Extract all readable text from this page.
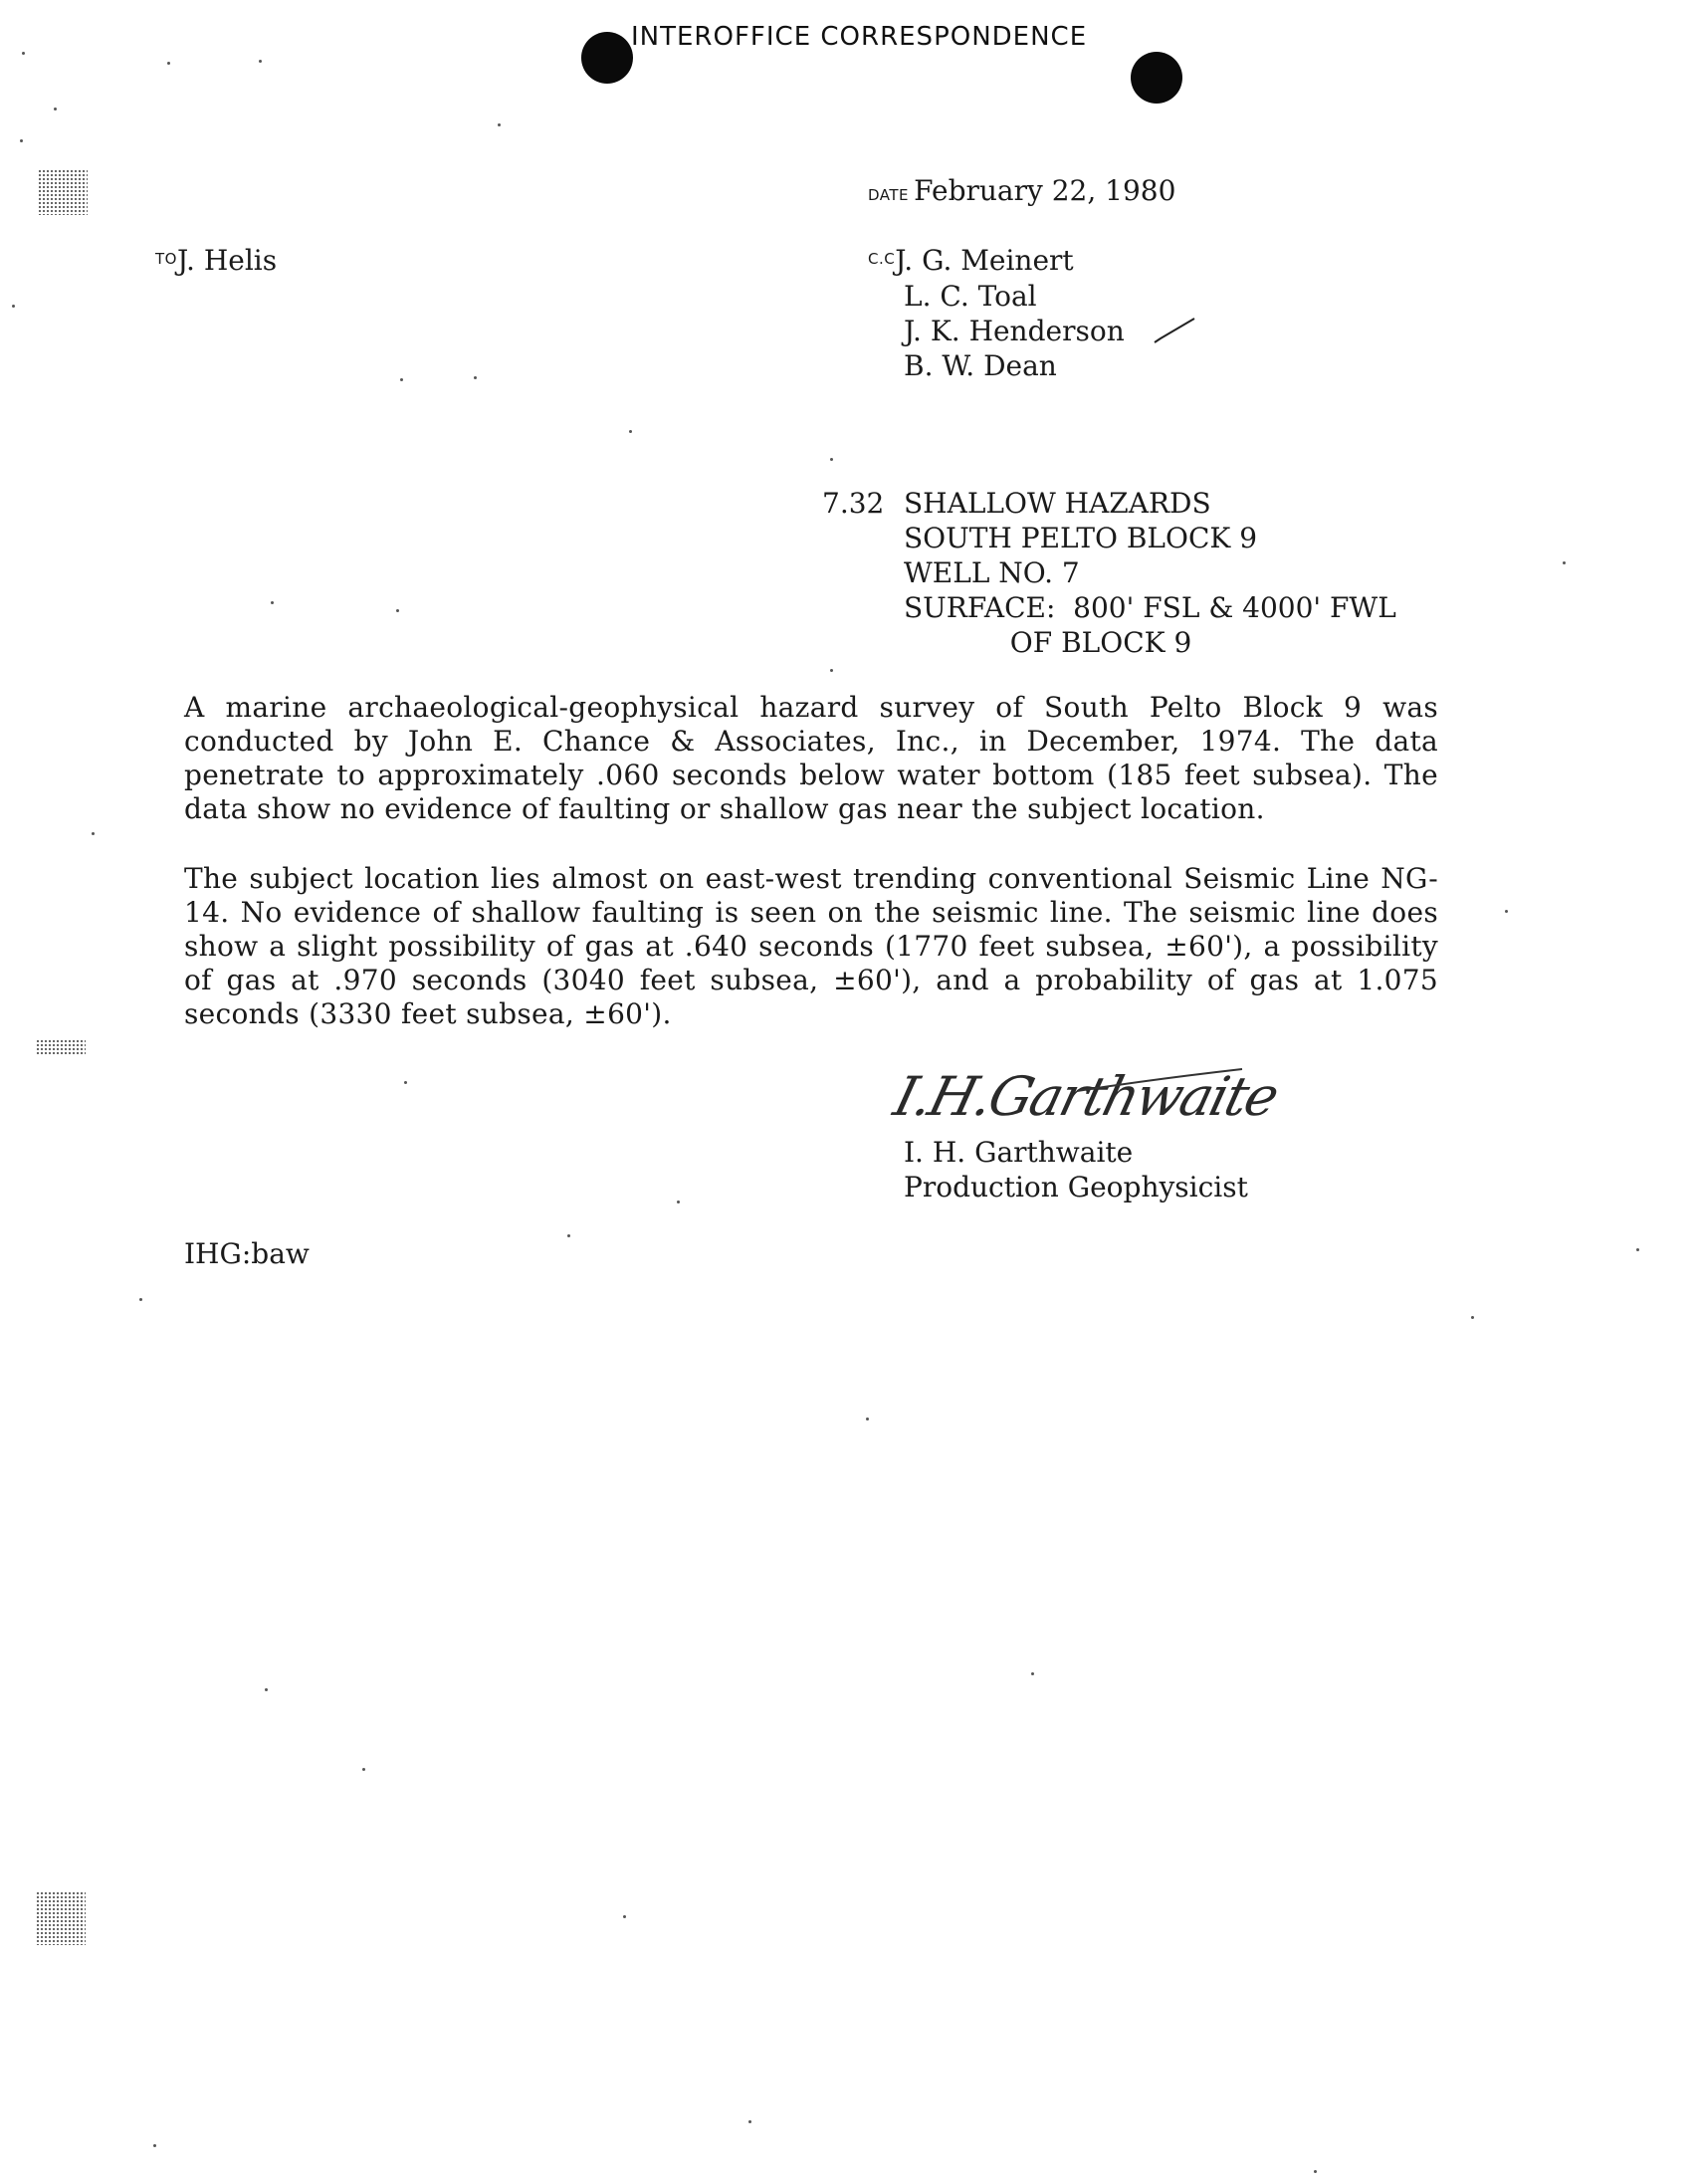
INTEROFFICE CORRESPONDENCE
DATE February 22, 1980
TOJ. Helis	C.CJ. G. Meinert
L. C. Toal
J. K. Henderson
B. W. Dean
7.32 SHALLOW HAZARDS
SOUTH PELTO BLOCK 9
WELL NO. 7
SURFACE:  800' FSL & 4000' FWL
OF BLOCK 9
A marine archaeological-geophysical hazard survey of South Pelto Block 9 was conducted by John E. Chance & Associates, Inc., in December, 1974. The data penetrate to approximately .060 seconds below water bottom (185 feet subsea). The data show no evidence of faulting or shallow gas near the subject location.
The subject location lies almost on east-west trending conventional Seismic Line NG-14. No evidence of shallow faulting is seen on the seismic line. The seismic line does show a slight possibility of gas at .640 seconds (1770 feet subsea, ±60'), a possibility of gas at .970 seconds (3040 feet subsea, ±60'), and a probability of gas at 1.075 seconds (3330 feet subsea, ±60').
I.H.Garthwaite
I. H. Garthwaite
Production Geophysicist
IHG:baw
